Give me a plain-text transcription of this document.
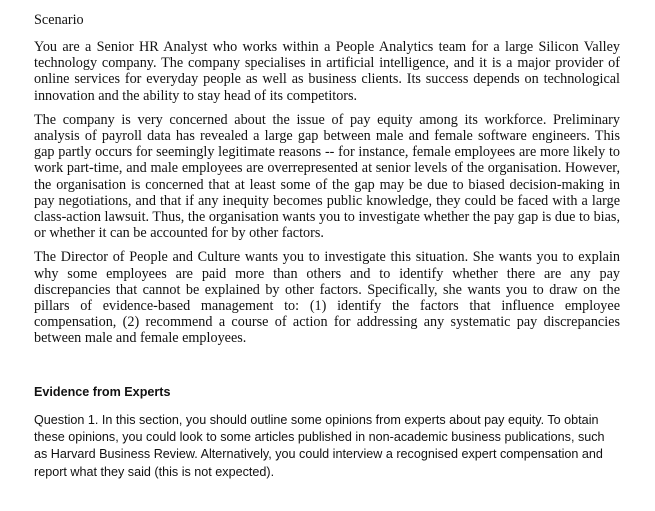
Scenario

You are a Senior HR Analyst who works within a People Analytics team for a large Silicon Valley technology company. The company specialises in artificial intelligence, and it is a major provider of online services for everyday people as well as business clients. Its success depends on technological innovation and the ability to stay head of its competitors.

The company is very concerned about the issue of pay equity among its workforce. Preliminary analysis of payroll data has revealed a large gap between male and female software engineers. This gap partly occurs for seemingly legitimate reasons -- for instance, female employees are more likely to work part-time, and male employees are overrepresented at senior levels of the organisation. However, the organisation is concerned that at least some of the gap may be due to biased decision-making in pay negotiations, and that if any inequity becomes public knowledge, they could be faced with a large class-action lawsuit. Thus, the organisation wants you to investigate whether the pay gap is due to bias, or whether it can be accounted for by other factors.

The Director of People and Culture wants you to investigate this situation. She wants you to explain why some employees are paid more than others and to identify whether there are any pay discrepancies that cannot be explained by other factors. Specifically, she wants you to draw on the pillars of evidence-based management to: (1) identify the factors that influence employee compensation, (2) recommend a course of action for addressing any systematic pay discrepancies between male and female employees.

Evidence from Experts

Question 1. In this section, you should outline some opinions from experts about pay equity. To obtain these opinions, you could look to some articles published in non-academic business publications, such as Harvard Business Review. Alternatively, you could interview a recognised expert compensation and report what they said (this is not expected).
